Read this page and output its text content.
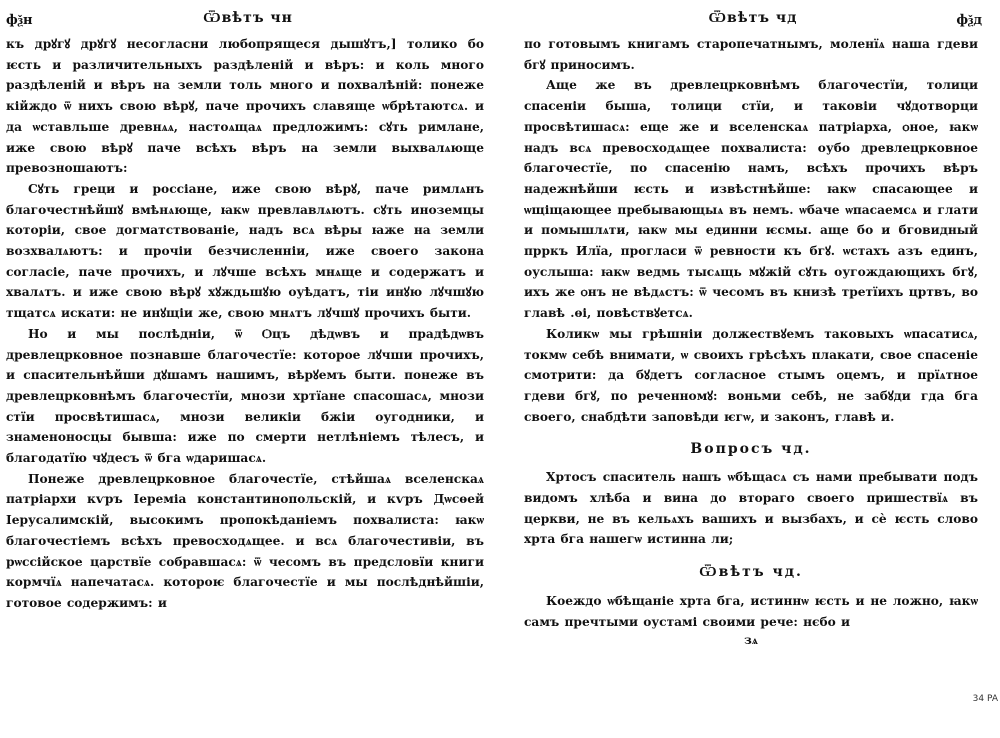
фѯн	Ѿвѣтъ чн

къ дрꙋгꙋ дрꙋгꙋ несогласни любопрящеся дышꙋтъ,] толико бо ѥсть и различительныхъ раздѣленій и вѣръ: и коль много раздѣленій и вѣръ на земли толь много и похвалѣній: понеже кійждо ѿ нихъ свою вѣрꙋ, паче прочихъ славяще ѡбрѣтаютсѧ. и да ѡставльше древнѧѧ, настоѧщаѧ предложимъ: сꙋть римлане, иже свою вѣрꙋ паче всѣхъ вѣръ на земли выхвалѧюще превозношаютъ:

Сꙋть греци и россіане, иже свою вѣрꙋ, паче римлѧнъ благочестнѣйшꙋ вмѣнѧюще, ꙗкѡ превлавлѧютъ. сꙋть иноземцы которіи, свое догматствованіе, надъ всѧ вѣры ꙗже на земли возхвалѧютъ: и прочіи безчисленніи, иже своего закона согласіе, паче прочихъ, и лꙋчше всѣхъ мнѧще и содержатъ и хвалѧтъ. и иже свою вѣрꙋ хꙋждьшꙋю оуѣдатъ, тіи инꙋю лꙋчшꙋю тщатсѧ искати: не инꙋщіи же, свою мнѧтъ лꙋчшꙋ прочихъ быти.

Но и мы послѣдніи, ѿ Ѻцъ дѣдѡвъ и прадѣдѡвъ древлецрковное познавше благочестїе: которое лꙋчши прочихъ, и спасительнѣйши дꙋшамъ нашимъ, вѣрꙋемъ быти. понеже въ древлецрковнѣмъ благочестїи, мнози хртїане спасошасѧ, мнози стїи просвѣтишасѧ, мнози великіи бжіи оугодники, и знаменоносцы бывша: иже по смерти нетлѣніемъ тѣлесъ, и благодатїю чꙋдесъ ѿ бга ѡдаришасѧ.

Понеже древлецрковное благочестїе, стѣйшаѧ вселенскаѧ патріархи кѵръ Іереміа константинопольскій, и кѵръ Дѡсѳей Іерусалимскій, высокимъ пропокѣданіемъ похвалиста: ꙗкѡ благочестіемъ всѣхъ превосходѧщее. и всѧ благочестивіи, въ рѡссійское царствїе собравшасѧ: ѿ чесомъ въ предсловїи книги кормчїѧ напечатасѧ. котороѥ благочестїе и мы послѣднѣйшіи, готовое содержимъ: и

Ѿвѣтъ чд	фѯд

по готовымъ книгамъ старопечатнымъ, моленїѧ наша гдеви бгꙋ приносимъ.

Аще же въ древлецрковнѣмъ благочестїи, толици спасеніи быша, толици стїи, и таковіи чꙋдотворци просвѣтишасѧ: еще же и вселенскаѧ патріарха, ѻное, ꙗкѡ надъ всѧ превосходѧщее похвалиста: оубо древлецрковное благочестїе, по спасенію намъ, всѣхъ прочихъ вѣръ надежнѣйши ѥсть и извѣстнѣйше: ꙗкѡ спасающее и ѡщіщающее пребывающыѧ въ немъ. ѡбаче ѡпасаемсѧ и глати и помышлѧти, ꙗкѡ мы единни ѥсмы. аще бо и бговидный прркъ Илїа, прогласи ѿ ревности къ бгꙋ. ѡстахъ азъ единъ, оуслыша: ꙗкѡ ведмь тысѧщь мꙋжій сꙋть оугождающихъ бгꙋ, ихъ же ѻнъ не вѣдѧстъ: ѿ чесомъ въ книзѣ третїихъ цртвъ, во главѣ .ѳі, повѣствꙋетсѧ.

Коликѡ мы грѣшніи должествꙋемъ таковыхъ ѡпасатисѧ, токмѡ себѣ внимати, ѡ своихъ грѣсѣхъ плакати, свое спасеніе смотрити: да бꙋдетъ согласное стымъ ѻцемъ, и прїѧтное гдеви бгꙋ, по реченномꙋ: воньми себѣ, не забꙋди гда бга своего, снабдѣти заповѣди ѥгѡ, и законъ, главѣ и.

Вопросъ чд.

Хртосъ спаситель нашъ ѡбѣщасѧ съ нами пребывати подъ видомъ хлѣба и вина до втораго своего пришествїѧ въ церкви, не въ кельѧхъ вашихъ и вызбахъ, и сѐ ѥсть слово хрта бга нашегѡ истинна ли;

Ѿвѣтъ чд.

Коеждо ѡбѣщаніе хрта бга, истиннѡ ѥсть и не ложно, ꙗкѡ самъ пречтыми оустамі своими рече: нєбо и

зѧ
34 PA
